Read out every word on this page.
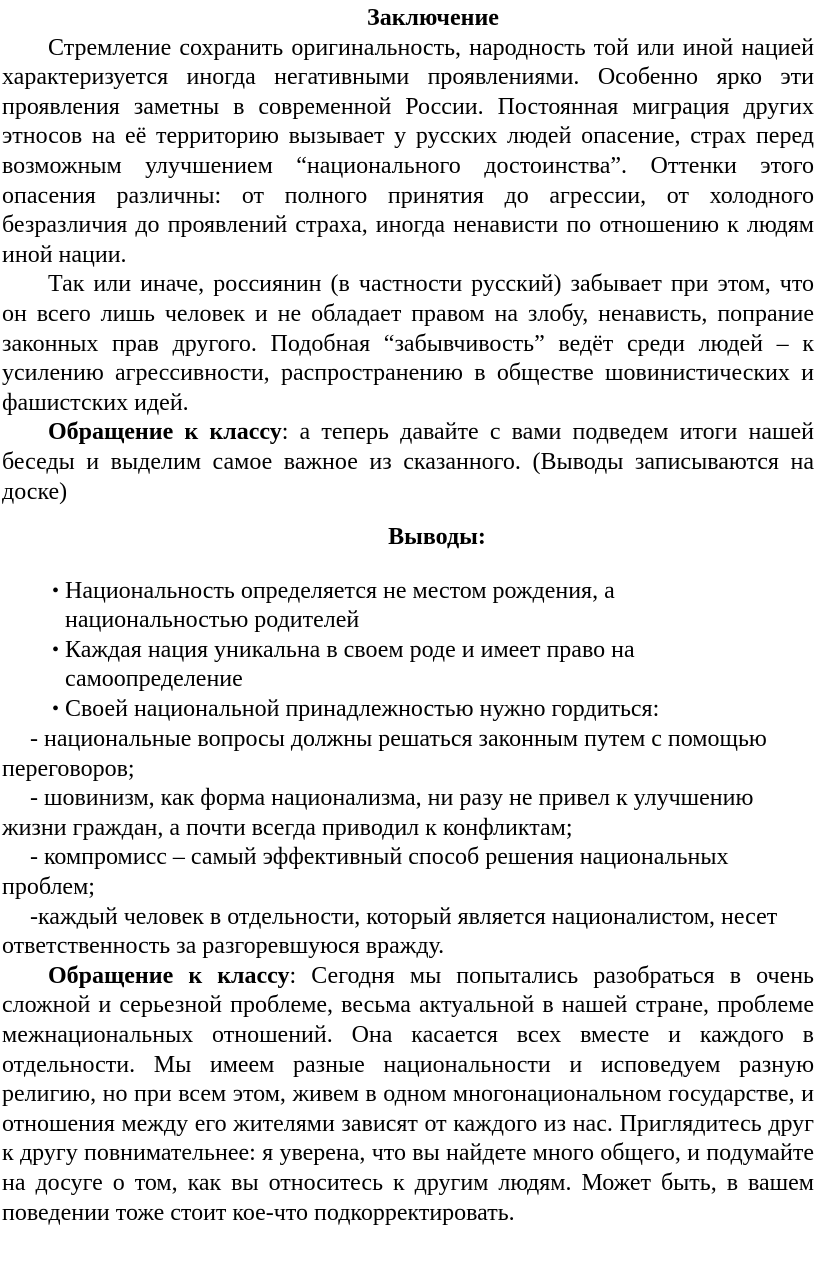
Заключение

Стремление сохранить оригинальность, народность той или иной нацией характеризуется иногда негативными проявлениями. Особенно ярко эти проявления заметны в современной России. Постоянная миграция других этносов на её территорию вызывает у русских людей опасение, страх перед возможным улучшением “национального достоинства”. Оттенки этого опасения различны: от полного принятия до агрессии, от холодного безразличия до проявлений страха, иногда ненависти по отношению к людям иной нации.

Так или иначе, россиянин (в частности русский) забывает при этом, что он всего лишь человек и не обладает правом на злобу, ненависть, попрание законных прав другого. Подобная “забывчивость” ведёт среди людей – к усилению агрессивности, распространению в обществе шовинистических и фашистских идей.

Обращение к классу: а теперь давайте с вами подведем итоги нашей беседы и выделим самое важное из сказанного. (Выводы записываются на доске)

Выводы:
• Национальность определяется не местом рождения, а национальностью родителей
• Каждая нация уникальна в своем роде и имеет право на самоопределение
• Своей национальной принадлежностью нужно гордиться:

- национальные вопросы должны решаться законным путем с помощью переговоров;

- шовинизм, как форма национализма, ни разу не привел к улучшению жизни граждан, а почти всегда приводил к конфликтам;

- компромисс – самый эффективный способ решения национальных проблем;

-каждый человек в отдельности, который является националистом, несет ответственность за разгоревшуюся вражду.

Обращение к классу: Сегодня мы попытались разобраться в очень сложной и серьезной проблеме, весьма актуальной в нашей стране, проблеме межнациональных отношений. Она касается всех вместе и каждого в отдельности. Мы имеем разные национальности и исповедуем разную религию, но при всем этом, живем в одном многонациональном государстве, и отношения между его жителями зависят от каждого из нас. Приглядитесь друг к другу повнимательнее: я уверена, что вы найдете много общего, и подумайте на досуге о том, как вы относитесь к другим людям. Может быть, в вашем поведении тоже стоит кое-что подкорректировать.
